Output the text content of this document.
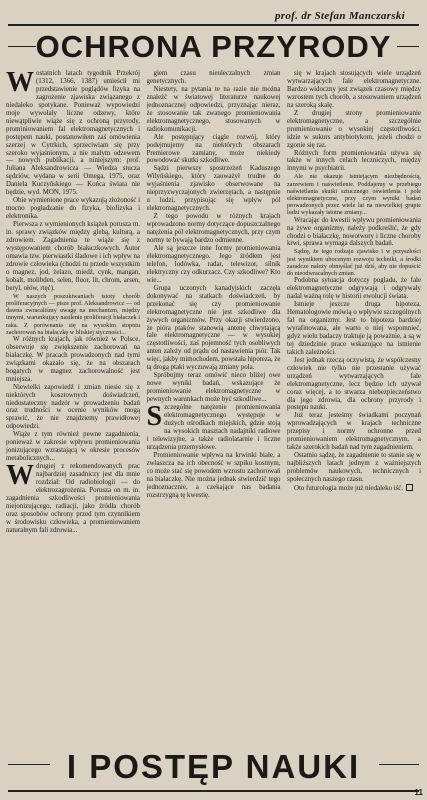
prof. dr Stefan Manczarski
OCHRONA PRZYRODY

Wostatnich latach tygodnik Przekrój (1312, 1366, 1387) umieścił mi przedstawienie poglądów fizyka na zagrożenie zjawiska związanego z niedaleko spotykane. Ponieważ wypowiedzi moje wywołały liczne odzewy, które niewątpliwie wiąże się z ochroną przyrody, prominiowaniem fal elektromagnetycznych i postępem nauki, postanowiłem zaś omówienia szerzej w Cytrkich, sprzeciwiam się przy szeroko wyjaśnionym, a nie małym odzewem — nowych publikacji, a niniejszym: prof. Juliana Aleksandrowicza — Wiedza stucza sędziów, wydana w serii Omega, 1975, oraz Daniela Kuczyńskiego — Końca świata nie będzie, wyd. MON, 1975.

Obie wymienione prace wykazują złożoność i mocno pogładzanie do fizyka, biofizyka i elektronika.

Pierwsza z wymienionych książek porusza m. in. sprawy związków między glebą, kulturą, a zdrowiem. Zagadnienia te wiąże się z występowaniem chorób białaczkowych. Autor omawia tzw. pierwiastki śladowe i ich wpływ na zdrowie człowieka (chodzi tu przede wszystkim o magnez, jod, żelazo, miedź, cynk, mangan, kobalt, molibden, selen, fluor, lit, chrom, arsen, beryl, ołów, rtęć).

W naszych poszukiwaniach istoty chorób proliferacyjnych — pisze prof. Aleksandrowicz — od dawna zwracaliśmy uwagę na mechanizm, między innymi, warunkujący nasilenie proliferacji białaczek i raka. Z porównania się na wysokim stopniu zachorowań na białaczkę w bliskiej styczności...

W różnych krajach, jak również w Polsce, obserwuje się zwiększenie zachorowań na białaczkę. W pracach prowadzonych nad tymi związkami okazało się, że na obszarach bogatych w magnez zachorowalność jest mniejsza.

Niewielki zapowiedź i zmian niesie się z niektórych kosztownych doświadczeń, niedostateczny nadzór w prowadzeniu badań oraz trudności w ocenie wyników mogą sprawić, że nie znajdziemy prawidłowej odpowiedzi.

Wiąże z tym również pewne zagadnienia, ponieważ w zakresie wpływu promieniowania jonizującego wzrastającą w okresie procesów metabolicznych...

Wdrugiej z rekomendowanych prac najbardziej zasadniczy jest dla mnie rozdział: Od radiobiologii — do elektrozagrożenia. Porusza on m. in. zagadnienia szkodliwości promieniowania niejonizującego, radiacji, jako źródła chorób oraz sposobów ochrony przed tym czynnikiem w środowisku człowieka, a promieniowaniem naturalnym fali zdrowia...

giem czasu nieuleczalnych zmian genetycznych.

Niestety, na pytania te na razie nie można znaleźć w światowej literaturze naukowej jednoznacznej odpowiedzi, przyznając nieraz, że stosowanie tak zwanego promieniowania elektromagnetycznego, stosowanych w radiokomunikacji.

Ale postępujący ciągle rozwój, który podejmujemy na niektórych obszarach Premierowe zamiany, może niekiedy powodować skutki szkodliwe.

Sądzi pierwszy spostrzeżeń Kaduszego Wilyńskiego, który zauważył trudne do wyjaśnienia zjawisko obserwowane na nieprzyzwyczajonych zwierzętach, a następnie u ludzi, przypisując się wpływ pól elektromagnetycznych.

Z tego powodu w różnych krajach wprowadzono normy dotyczące dopuszczalnego natężenia pól elektromagnetycznych, przy czym normy te bywają bardzo odmienne.

Ale są jeszcze inne formy promieniowania elektromagnetycznego. Jego źródłem jest telefon, lodówka, radar, telewizor, silnik elektryczny czy odkurzacz. Czy szkodliwe? Kto wie...

Grupa uczonych kanadyjskich zaczęła dokonywać na statkach doświadczeń, by przekonać się czy promieniowanie elektromagnetyczne nie jest szkodliwe dla żywych organizmów. Przy okazji stwierdzono, że pióra ptaków stanowią antenę chwytającą fale elektromagnetyczne — w wysokiej częstotliwości, zaś pojemność tych osobliwych anten zależy od prądu od nastawienia piór. Tak więc, jakby mimochodem, powstała hipoteza, że tą drogą ptaki wyczuwają zmiany pola.

Spróbujmy teraz omówić nieco bliżej owe nowe wyniki badań, wskazujące że promieniowanie elektromagnetyczne w pewnych warunkach może być szkodliwe...

Szczególne natężenie promieniowania elektromagnetycznego występuje w dużych ośrodkach miejskich, gdzie stoją na wysokich masztach nadajniki radiowe i telewizyjne, a także radiolatarnie i liczne urządzenia przemysłowe.

Promieniowanie wpływa na krwinki białe, a zwłaszcza na ich obecność w szpiku kostnym, co może stać się powodem wzrostu zachorowań na białaczkę. Nie można jednak stwierdzić tego jednoznacznie, a czekające nas badania rozstrzygną tę kwestię.

się w krajach stosujących wiele urządzeń wytwarzających fale elektromagnetyczne. Bardzo widoczny jest związek czasowy między wzrostem tych chorób, a stosowaniem urządzeń na szeroką skalę.

Z drugiej strony promieniowanie elektromagnetyczne, a szczególnie promieniowanie o wysokiej częstotliwości, idzie w sukurs antybiotykom, jeżeli chodzi o zgonie się raz.

Różnych form promieniowania używa się także w innych celach leczniczych, między innymi w psychiatrii.

Ale nie okazuje istniejącym niezbędnością, zarzewiem i naświetlenie. Poddajemy w przebiegu naświetlania skutki sztucznego oświetlenia i pole elektromagnetyczne, przy czym wyniki badań prowadzonych przez wiele lat na niewielkiej grupie ludzi wykazały istotne zmiany...

Wracając do kwestii wpływu promieniowania na żywe organizmy, należy podkreślić, że gdy chodzi o białaczkę, nowotwory i liczne choroby krwi, sprawa wymaga dalszych badań.

Sądzę, że tego rodzaju zjawisko i w przyszłości jest wynikiem ubocznym rozwoju techniki, a środki zaradcze należy obmyślać już dziś, aby nie dopuścić do nieodwracalnych zmian.

Podobna sytuacja dotyczy pogladu, że fale elektromagnetyczne odgrywają i odgrywały nadal ważną rolę w historii ewolucji świata.

Istnieje jeszcze druga hipoteza. Hematologowie mówią o wpływie szczególnych fal na organizmy. Jest to hipoteza bardziej wyrafinowana, ale warto o niej wspomnieć, gdyż wielu badaczy traktuje ją poważnie, a są w tej dziedzinie prace wskazujące na istnienie takich zależności.

Jest jednak rzeczą oczywistą, że współczesny człowiek nie tylko nie przestanie używać urządzeń wytwarzających fale elektromagnetyczne, lecz będzie ich używał coraz więcej, a to stwarza niebezpieczeństwo dla jego zdrowia, dla ochrony przyrody i postępu nauki.

Już teraz jesteśmy świadkami poczynań wprowadzających w krajach techniczne przepisy i normy ochronne przed promieniowaniem elektromagnetycznym, a także szerokich badań nad tym zagadnieniem.

Ostatnio sądzę, że zagadnienie to stanie się w najbliższych latach jednym z ważniejszych problemów naukowych, technicznych i społecznych naszego czasu.

Oto futurologia może już niedaleko iść.

I POSTĘP NAUKI
11
